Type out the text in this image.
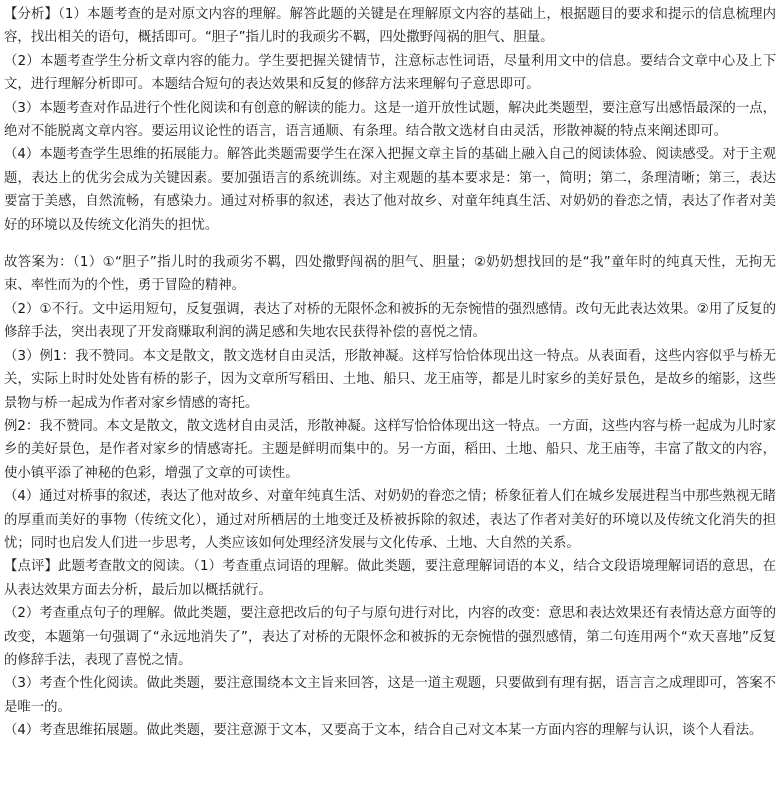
【分析】（1）本题考查的是对原文内容的理解。解答此题的关键是在理解原文内容的基础上，根据题目的要求和提示的信息梳理内容，找出相关的语句，概括即可。“胆子”指儿时的我顽劣不羁，四处撒野闯祸的胆气、胆量。

（2）本题考查学生分析文章内容的能力。学生要把握关键情节，注意标志性词语，尽量利用文中的信息。要结合文章中心及上下文，进行理解分析即可。本题结合短句的表达效果和反复的修辞方法来理解句子意思即可。

（3）本题考查对作品进行个性化阅读和有创意的解读的能力。这是一道开放性试题，解决此类题型，要注意写出感悟最深的一点，绝对不能脱离文章内容。要运用议论性的语言，语言通顺、有条理。结合散文选材自由灵活，形散神凝的特点来阐述即可。

（4）本题考查学生思维的拓展能力。解答此类题需要学生在深入把握文章主旨的基础上融入自己的阅读体验、阅读感受。对于主观题，表达上的优劣会成为关键因素。要加强语言的系统训练。对主观题的基本要求是：第一，简明；第二，条理清晰；第三，表达要富于美感，自然流畅，有感染力。通过对桥事的叙述，表达了他对故乡、对童年纯真生活、对奶奶的眷恋之情，表达了作者对美好的环境以及传统文化消失的担忧。

故答案为：（1）①“胆子”指儿时的我顽劣不羁，四处撒野闯祸的胆气、胆量；②奶奶想找回的是“我”童年时的纯真天性，无拘无束、率性而为的个性，勇于冒险的精神。

（2）①不行。文中运用短句，反复强调，表达了对桥的无限怀念和被拆的无奈惋惜的强烈感情。改句无此表达效果。②用了反复的修辞手法，突出表现了开发商赚取利润的满足感和失地农民获得补偿的喜悦之情。

（3）例1：我不赞同。本文是散文，散文选材自由灵活，形散神凝。这样写恰恰体现出这一特点。从表面看，这些内容似乎与桥无关，实际上时时处处皆有桥的影子，因为文章所写稻田、土地、船只、龙王庙等，都是儿时家乡的美好景色，是故乡的缩影，这些景物与桥一起成为作者对家乡情感的寄托。

例2：我不赞同。本文是散文，散文选材自由灵活，形散神凝。这样写恰恰体现出这一特点。一方面，这些内容与桥一起成为儿时家乡的美好景色，是作者对家乡的情感寄托。主题是鲜明而集中的。另一方面，稻田、土地、船只、龙王庙等，丰富了散文的内容，使小镇平添了神秘的色彩，增强了文章的可读性。

（4）通过对桥事的叙述，表达了他对故乡、对童年纯真生活、对奶奶的眷恋之情；桥象征着人们在城乡发展进程当中那些熟视无睹的厚重而美好的事物（传统文化），通过对所栖居的土地变迁及桥被拆除的叙述，表达了作者对美好的环境以及传统文化消失的担忧；同时也启发人们进一步思考，人类应该如何处理经济发展与文化传承、土地、大自然的关系。

【点评】此题考查散文的阅读。（1）考查重点词语的理解。做此类题，要注意理解词语的本义，结合文段语境理解词语的意思，在从表达效果方面去分析，最后加以概括就行。

（2）考查重点句子的理解。做此类题，要注意把改后的句子与原句进行对比，内容的改变：意思和表达效果还有表情达意方面等的改变，本题第一句强调了“永远地消失了”，表达了对桥的无限怀念和被拆的无奈惋惜的强烈感情，第二句连用两个“欢天喜地”反复的修辞手法，表现了喜悦之情。

（3）考查个性化阅读。做此类题，要注意围绕本文主旨来回答，这是一道主观题，只要做到有理有据，语言言之成理即可，答案不是唯一的。

（4）考查思维拓展题。做此类题，要注意源于文本，又要高于文本，结合自己对文本某一方面内容的理解与认识，谈个人看法。
